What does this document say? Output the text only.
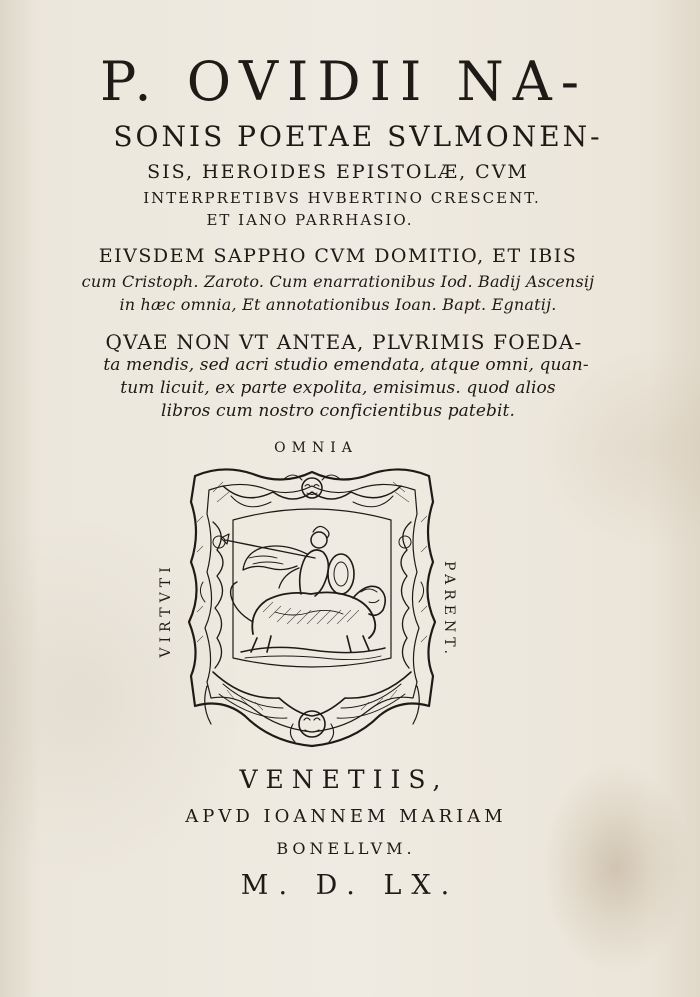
P. OVIDII NA-
SONIS POETAE SVLMONEN-
SIS, HEROIDES EPISTOLÆ, CVM
INTERPRETIBVS HVBERTINO CRESCENT.
ET IANO PARRHASIO.
EIVSDEM SAPPHO CVM DOMITIO, ET IBIS
cum Cristoph. Zaroto. Cum enarrationibus Iod. Badij Ascensij
in hæc omnia, Et annotationibus Ioan. Bapt. Egnatij.
QVAE NON VT ANTEA, PLVRIMIS FOEDA-
ta mendis, sed acri studio emendata, atque omni, quan-
tum licuit, ex parte expolita, emisimus. quod alios
libros cum nostro conficientibus patebit.
OMNIA
VIRTVTI	PARENT.
VENETIIS,
APVD IOANNEM MARIAM
BONELLVM.
M. D. LX.
